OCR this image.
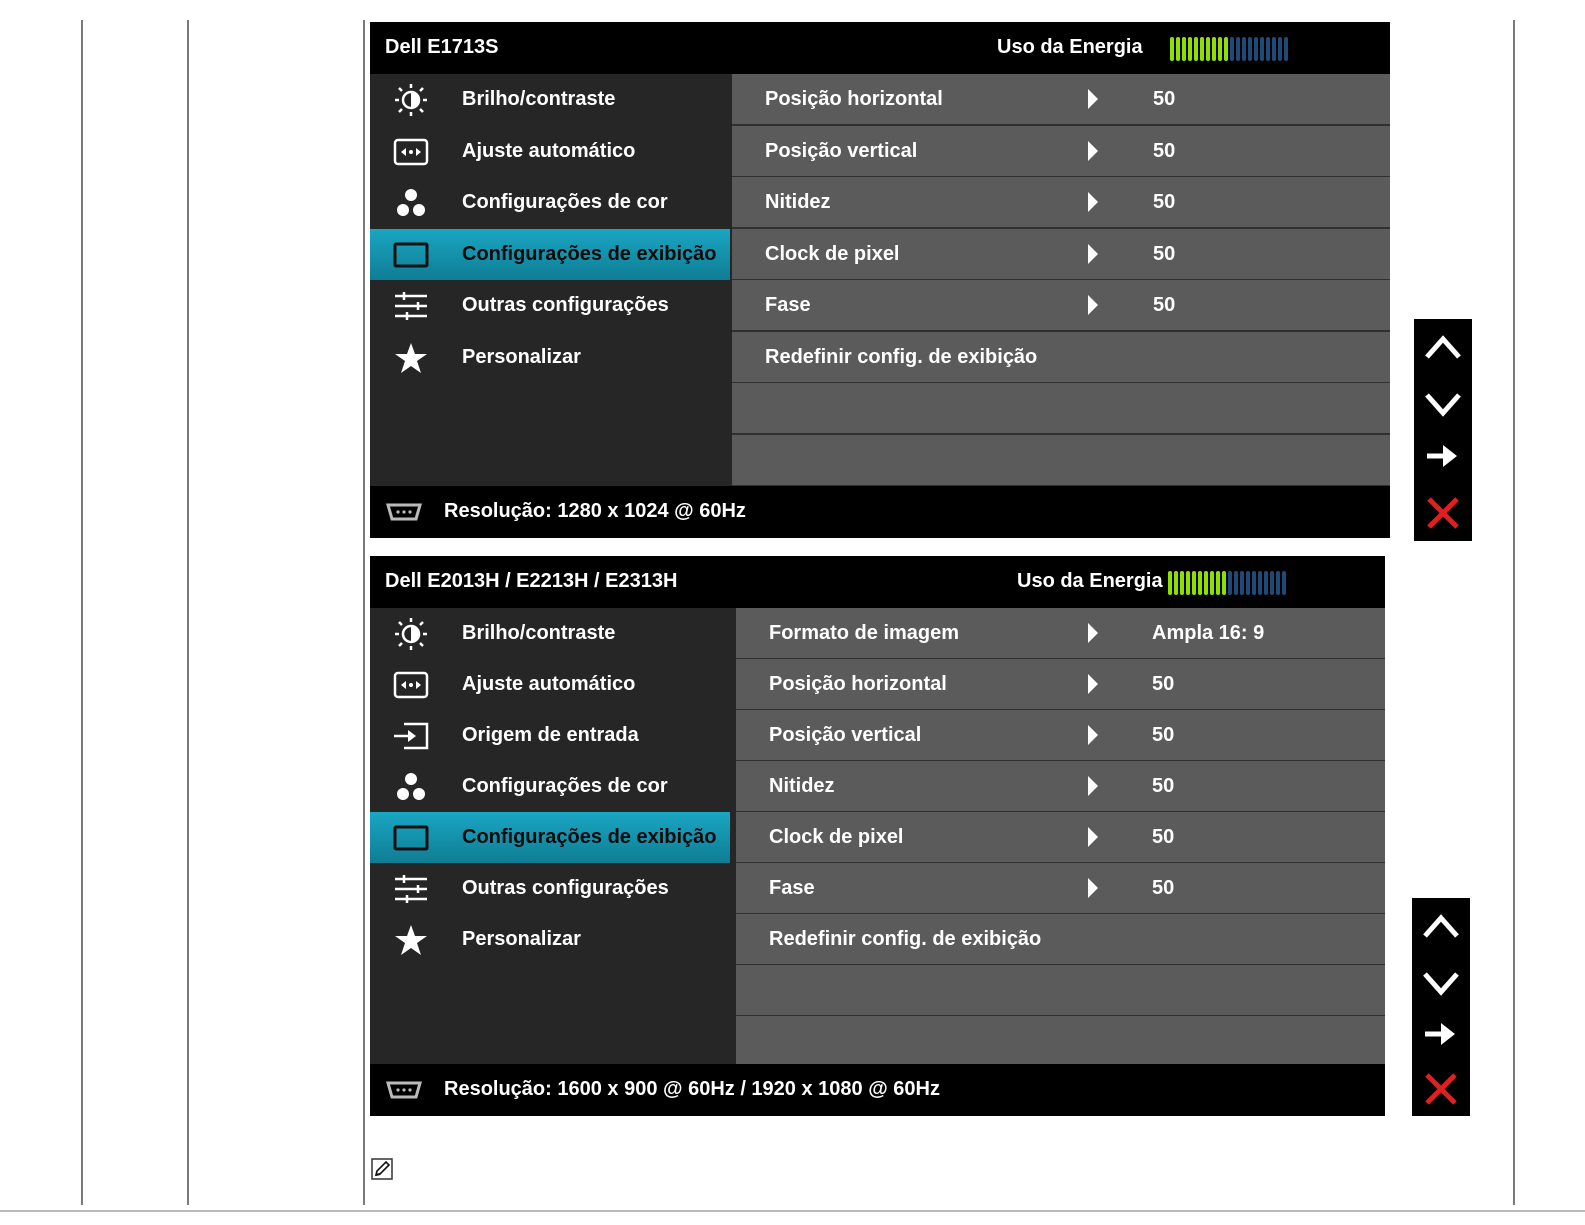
Dell E1713S	Uso da Energia
Brilho/contraste
Ajuste automático
Configurações de cor
Configurações de exibição
Outras configurações
Personalizar
Posição horizontal	50
Posição vertical	50
Nitidez	50
Clock de pixel	50
Fase	50
Redefinir config. de exibição
Resolução: 1280 x 1024 @ 60Hz
Dell E2013H / E2213H / E2313H	Uso da Energia
Brilho/contraste
Ajuste automático
Origem de entrada
Configurações de cor
Configurações de exibição
Outras configurações
Personalizar
Formato de imagem	Ampla 16: 9
Posição horizontal	50
Posição vertical	50
Nitidez	50
Clock de pixel	50
Fase	50
Redefinir config. de exibição
Resolução: 1600 x 900 @ 60Hz / 1920 x 1080 @ 60Hz
